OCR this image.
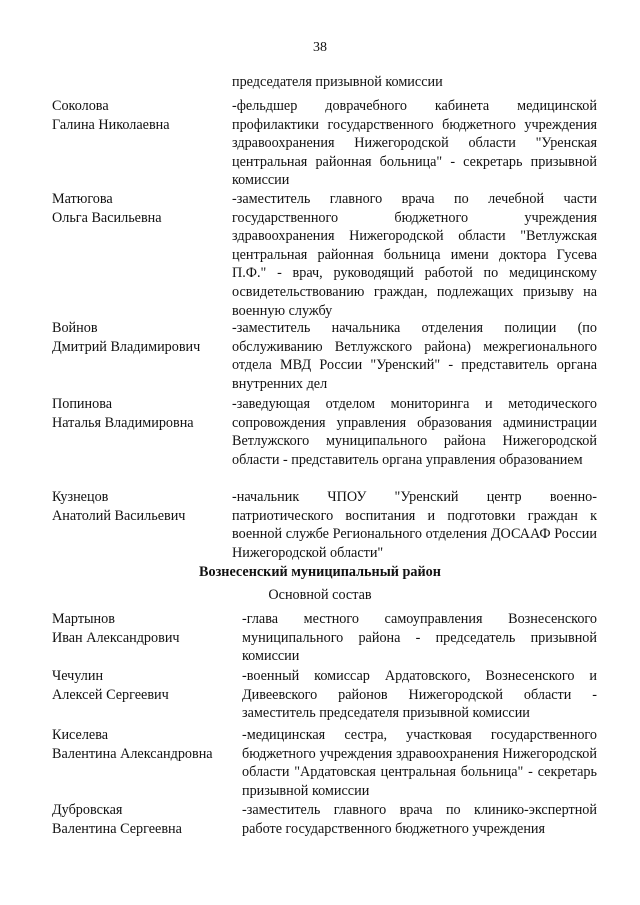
38
председателя призывной комиссии
Соколова
Галина Николаевна
-фельдшер доврачебного кабинета медицинской профилактики государственного бюджетного учреждения здравоохранения Нижегородской области "Уренская центральная районная больница" - секретарь призывной комиссии
Матюгова
Ольга Васильевна
-заместитель главного врача по лечебной части государственного бюджетного учреждения здравоохранения Нижегородской области "Ветлужская центральная районная больница имени доктора Гусева П.Ф." - врач, руководящий работой по медицинскому освидетельствованию граждан, подлежащих призыву на военную службу
Войнов
Дмитрий Владимирович
-заместитель начальника отделения полиции (по обслуживанию Ветлужского района) межрегионального отдела МВД России "Уренский" - представитель органа внутренних дел
Попинова
Наталья Владимировна
-заведующая отделом мониторинга и методического сопровождения управления образования администрации Ветлужского муниципального района Нижегородской области - представитель органа управления образованием
Кузнецов
Анатолий Васильевич
-начальник ЧПОУ "Уренский центр военно-патриотического воспитания и подготовки граждан к военной службе Регионального отделения ДОСААФ России Нижегородской области"
Вознесенский муниципальный район
Основной состав
Мартынов
Иван Александрович
-глава местного самоуправления Вознесенского муниципального района - председатель призывной комиссии
Чечулин
Алексей Сергеевич
-военный комиссар Ардатовского, Вознесенского и Дивеевского районов Нижегородской области - заместитель председателя призывной комиссии
Киселева
Валентина Александровна
-медицинская сестра, участковая государственного бюджетного учреждения здравоохранения Нижегородской области "Ардатовская центральная больница" - секретарь призывной комиссии
Дубровская
Валентина Сергеевна
-заместитель главного врача по клинико-экспертной работе государственного бюджетного учреждения
